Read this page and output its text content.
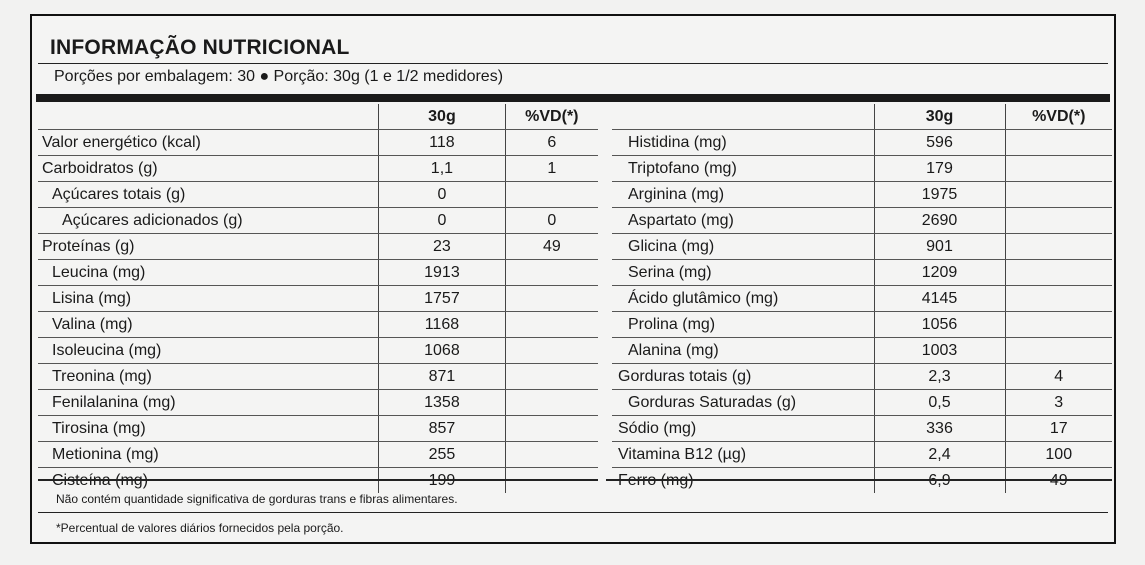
INFORMAÇÃO NUTRICIONAL
Porções por embalagem: 30 ● Porção: 30g (1 e 1/2 medidores)
	30g	%VD(*)
Valor energético (kcal)	118	6
Carboidratos (g)	1,1	1
Açúcares totais (g)	0	
Açúcares adicionados (g)	0	0
Proteínas (g)	23	49
Leucina (mg)	1913	
Lisina (mg)	1757	
Valina (mg)	1168	
Isoleucina (mg)	1068	
Treonina (mg)	871	
Fenilalanina (mg)	1358	
Tirosina (mg)	857	
Metionina (mg)	255	
Cisteína (mg)	199	
	30g	%VD(*)
Histidina (mg)	596	
Triptofano (mg)	179	
Arginina (mg)	1975	
Aspartato (mg)	2690	
Glicina (mg)	901	
Serina (mg)	1209	
Ácido glutâmico (mg)	4145	
Prolina (mg)	1056	
Alanina (mg)	1003	
Gorduras totais (g)	2,3	4
Gorduras Saturadas (g)	0,5	3
Sódio (mg)	336	17
Vitamina B12 (µg)	2,4	100
Ferro (mg)	6,9	49
Não contém quantidade significativa de gorduras trans e fibras alimentares.
*Percentual de valores diários fornecidos pela porção.
